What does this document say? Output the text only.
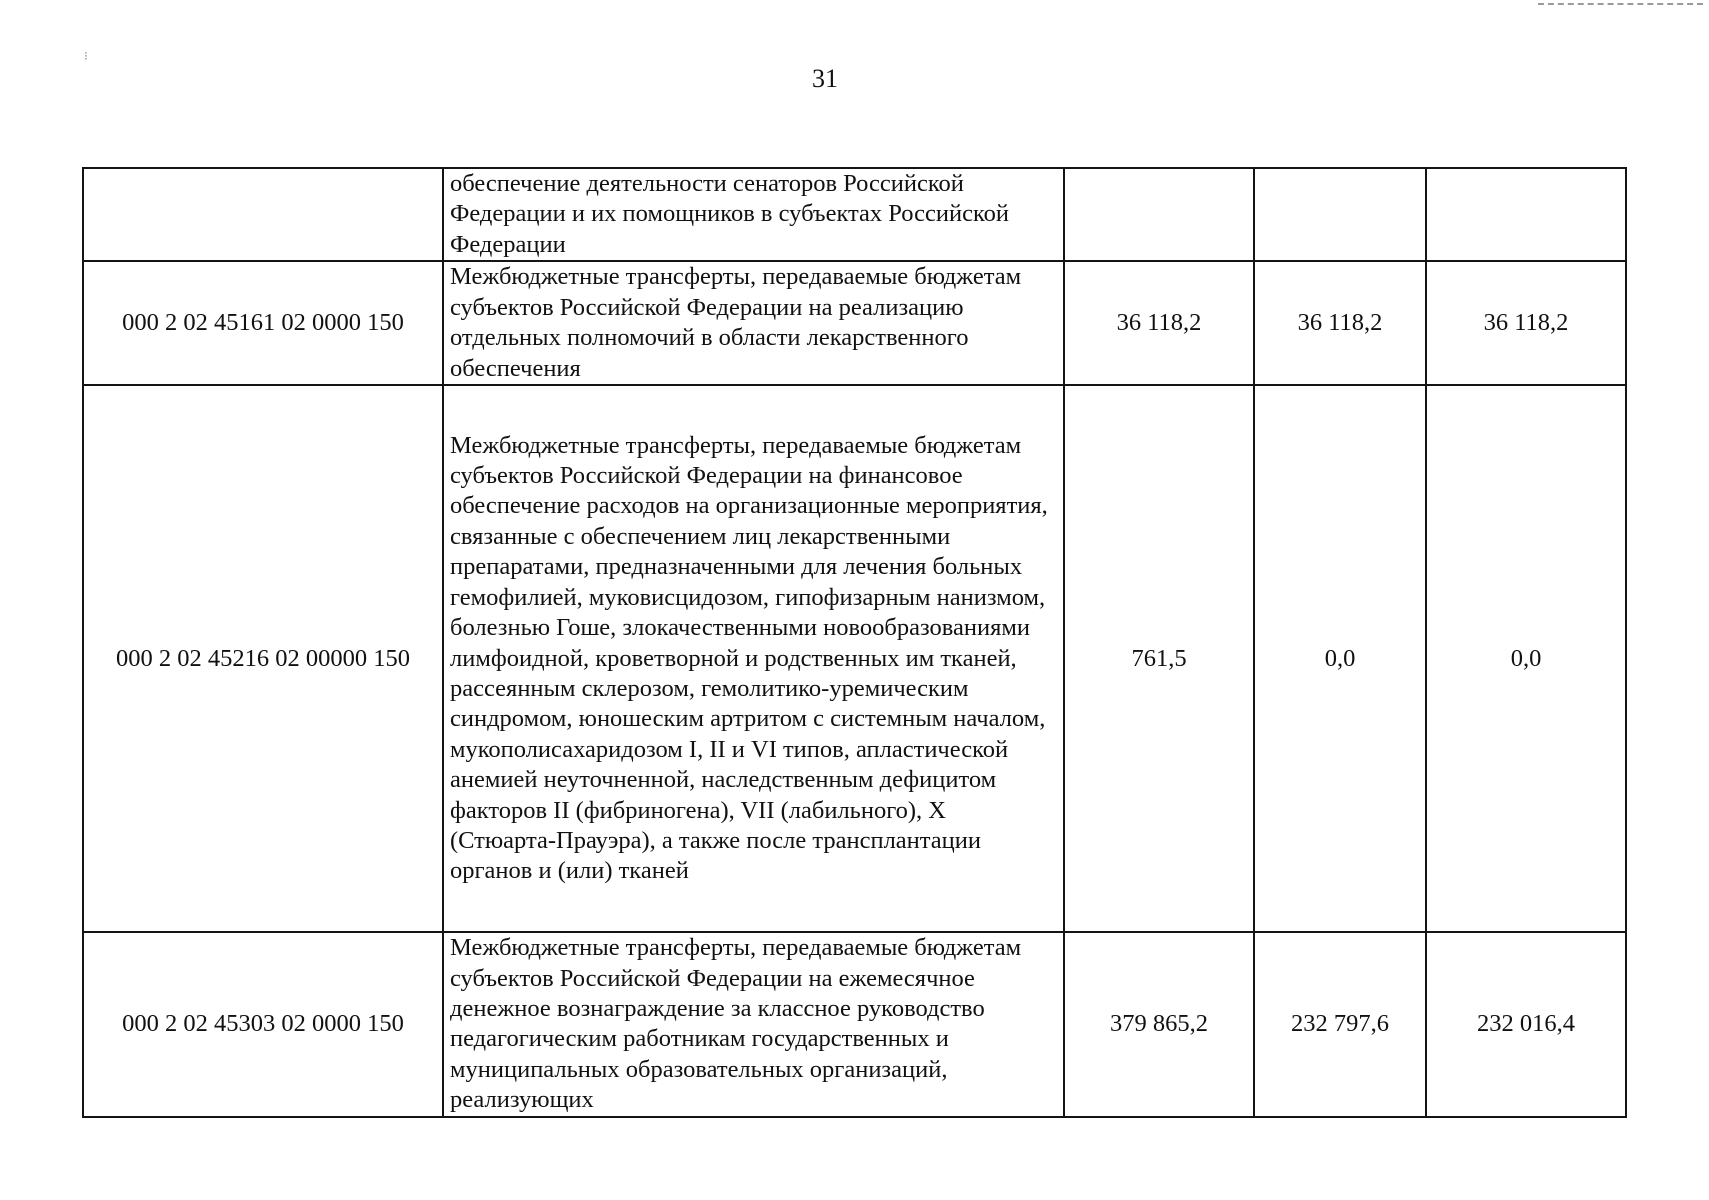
⁝
31
	обеспечение деятельности сенаторов Российской Федерации и их помощников в субъектах Российской Федерации			
000 2 02 45161 02 0000 150	Межбюджетные трансферты, передаваемые бюджетам субъектов Российской Федерации на реализацию отдельных полномочий в области лекарственного обеспечения	36 118,2	36 118,2	36 118,2
000 2 02 45216 02 00000 150	Межбюджетные трансферты, передаваемые бюджетам субъектов Российской Федерации на финансовое обеспечение расходов на организационные мероприятия, связанные с обеспечением лиц лекарственными препаратами, предназначенными для лечения больных гемофилией, муковисцидозом, гипофизарным нанизмом, болезнью Гоше, злокачественными новообразованиями лимфоидной, кроветворной и родственных им тканей, рассеянным склерозом, гемолитико-уремическим синдромом, юношеским артритом с системным началом, мукополисахаридозом I, II и VI типов, апластической анемией неуточненной, наследственным дефицитом факторов II (фибриногена), VII (лабильного), X (Стюарта-Прауэра), а также после трансплантации органов и (или) тканей	761,5	0,0	0,0
000 2 02 45303 02 0000 150	Межбюджетные трансферты, передаваемые бюджетам субъектов Российской Федерации на ежемесячное денежное вознаграждение за классное руководство педагогическим работникам государственных и муниципальных образовательных организаций, реализующих	379 865,2	232 797,6	232 016,4
